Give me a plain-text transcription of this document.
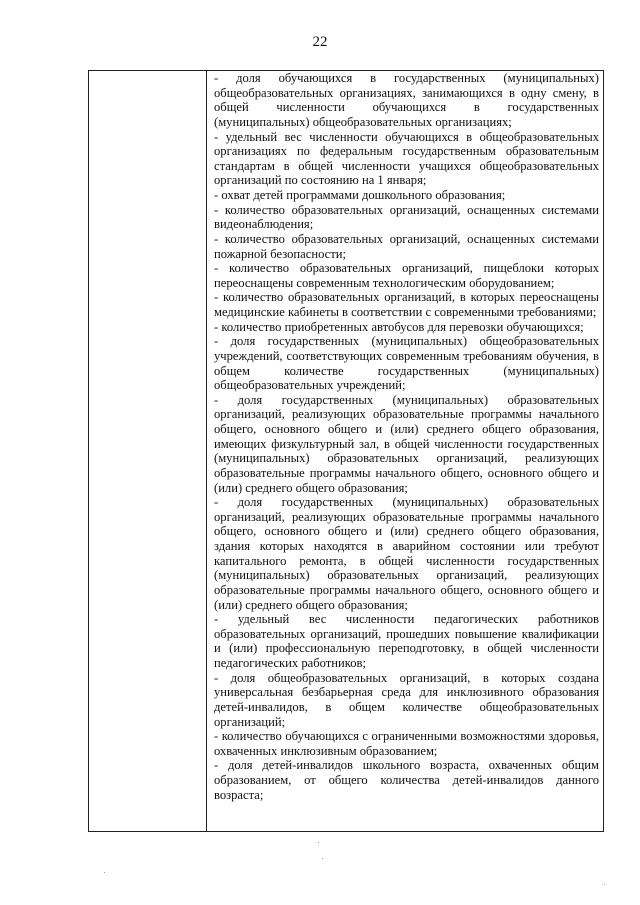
22

- доля обучающихся в государственных (муниципальных) общеобразовательных организациях, занимающихся в одну смену, в общей численности обучающихся в государственных (муниципальных) общеобразовательных организациях;

- удельный вес численности обучающихся в общеобразовательных организациях по федеральным государственным образовательным стандартам в общей численности учащихся общеобразовательных организаций по состоянию на 1 января;

- охват детей программами дошкольного образования;

- количество образовательных организаций, оснащенных системами видеонаблюдения;

- количество образовательных организаций, оснащенных системами пожарной безопасности;

- количество образовательных организаций, пищеблоки которых переоснащены современным технологическим оборудованием;

- количество образовательных организаций, в которых переоснащены медицинские кабинеты в соответствии с современными требованиями;

- количество приобретенных автобусов для перевозки обучающихся;

- доля государственных (муниципальных) общеобразовательных учреждений, соответствующих современным требованиям обучения, в общем количестве государственных (муниципальных) общеобразовательных учреждений;

- доля государственных (муниципальных) образовательных организаций, реализующих образовательные программы начального общего, основного общего и (или) среднего общего образования, имеющих физкультурный зал, в общей численности государственных (муниципальных) образовательных организаций, реализующих образовательные программы начального общего, основного общего и (или) среднего общего образования;

- доля государственных (муниципальных) образовательных организаций, реализующих образовательные программы начального общего, основного общего и (или) среднего общего образования, здания которых находятся в аварийном состоянии или требуют капитального ремонта, в общей численности государственных (муниципальных) образовательных организаций, реализующих образовательные программы начального общего, основного общего и (или) среднего общего образования;

- удельный вес численности педагогических работников образовательных организаций, прошедших повышение квалификации и (или) профессиональную переподготовку, в общей численности педагогических работников;

- доля общеобразовательных организаций, в которых создана универсальная безбарьерная среда для инклюзивного образования детей-инвалидов, в общем количестве общеобразовательных организаций;

- количество обучающихся с ограниченными возможностями здоровья, охваченных инклюзивным образованием;

- доля детей-инвалидов школьного возраста, охваченных общим образованием, от общего количества детей-инвалидов данного возраста;
